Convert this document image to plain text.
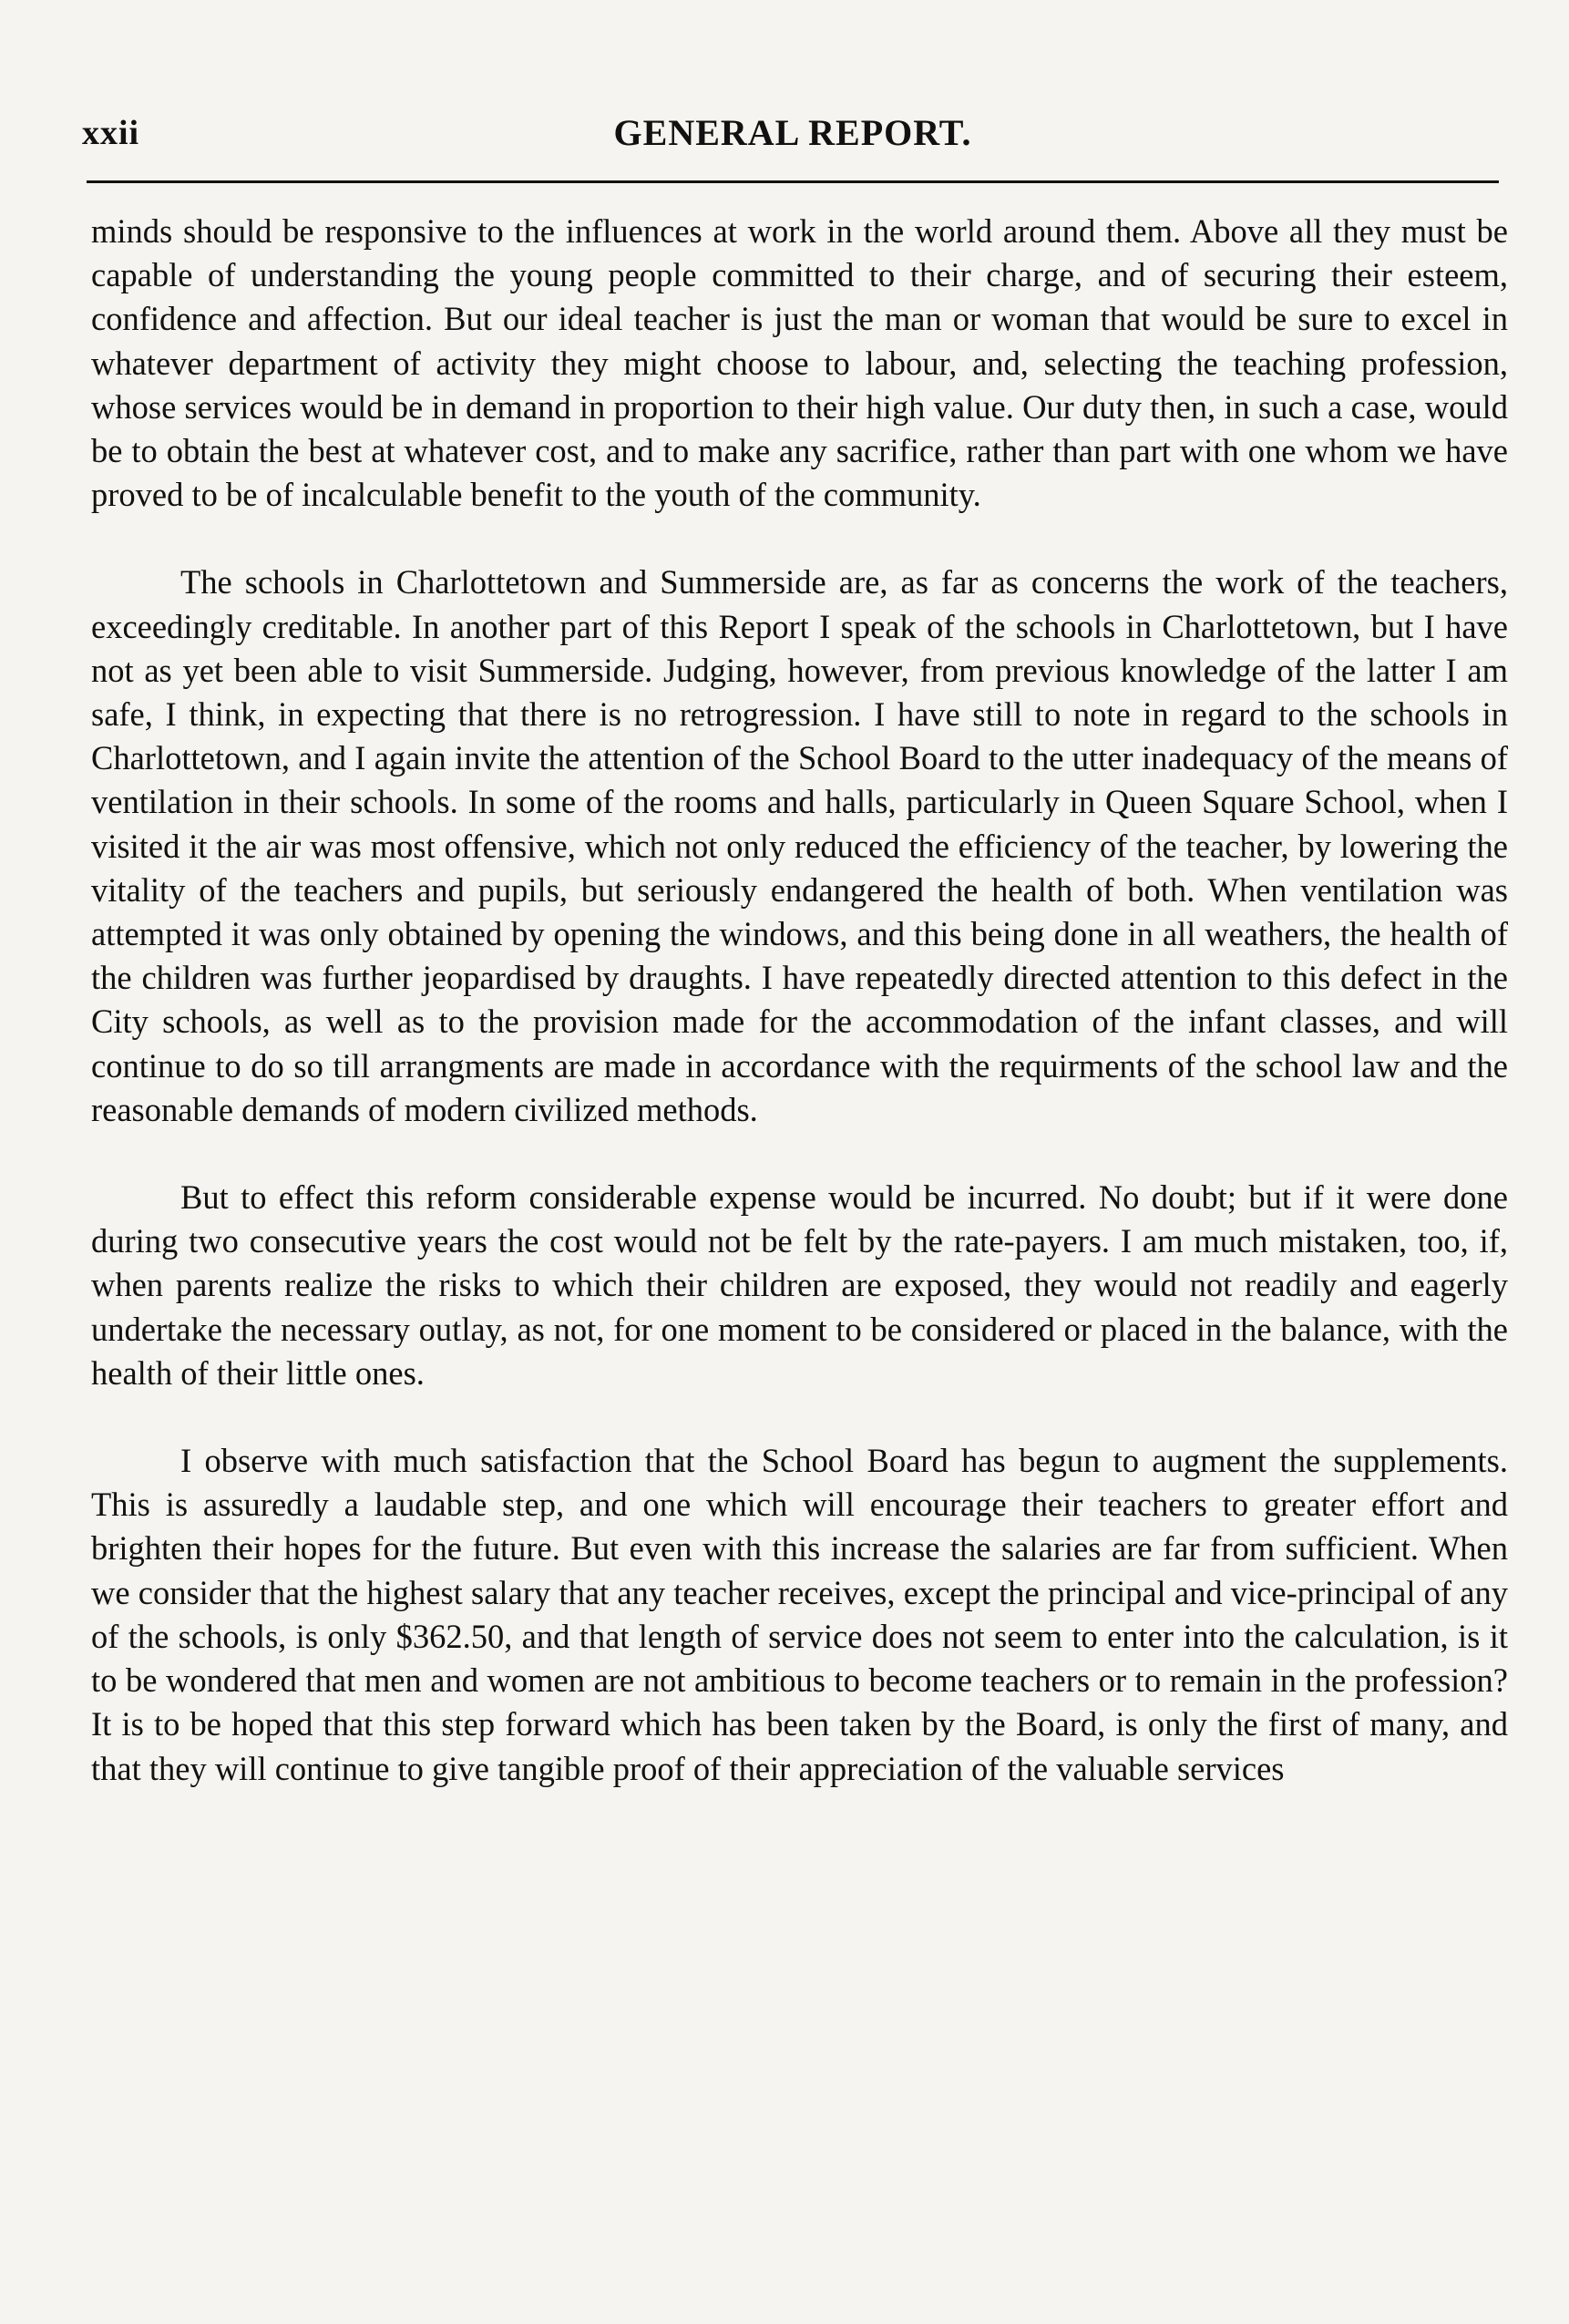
xxii	GENERAL REPORT.

minds should be responsive to the influences at work in the world around them. Above all they must be capable of understanding the young people committed to their charge, and of securing their esteem, confidence and affection. But our ideal teacher is just the man or woman that would be sure to excel in whatever department of activity they might choose to labour, and, selecting the teaching profession, whose services would be in demand in proportion to their high value. Our duty then, in such a case, would be to obtain the best at whatever cost, and to make any sacrifice, rather than part with one whom we have proved to be of incalculable benefit to the youth of the community.

The schools in Charlottetown and Summerside are, as far as concerns the work of the teachers, exceedingly creditable. In another part of this Report I speak of the schools in Charlottetown, but I have not as yet been able to visit Summerside. Judging, however, from previous knowledge of the latter I am safe, I think, in expecting that there is no retrogression. I have still to note in regard to the schools in Charlottetown, and I again invite the attention of the School Board to the utter inadequacy of the means of ventilation in their schools. In some of the rooms and halls, particularly in Queen Square School, when I visited it the air was most offensive, which not only reduced the efficiency of the teacher, by lowering the vitality of the teachers and pupils, but seriously endangered the health of both. When ventilation was attempted it was only obtained by opening the windows, and this being done in all weathers, the health of the children was further jeopardised by draughts. I have repeatedly directed attention to this defect in the City schools, as well as to the provision made for the accommodation of the infant classes, and will continue to do so till arrangments are made in accordance with the requirments of the school law and the reasonable demands of modern civilized methods.

But to effect this reform considerable expense would be incurred. No doubt; but if it were done during two consecutive years the cost would not be felt by the rate-payers. I am much mistaken, too, if, when parents realize the risks to which their children are exposed, they would not readily and eagerly undertake the necessary outlay, as not, for one moment to be considered or placed in the balance, with the health of their little ones.

I observe with much satisfaction that the School Board has begun to augment the supplements. This is assuredly a laudable step, and one which will encourage their teachers to greater effort and brighten their hopes for the future. But even with this increase the salaries are far from sufficient. When we consider that the highest salary that any teacher receives, except the principal and vice-principal of any of the schools, is only $362.50, and that length of service does not seem to enter into the calculation, is it to be wondered that men and women are not ambitious to become teachers or to remain in the profession? It is to be hoped that this step forward which has been taken by the Board, is only the first of many, and that they will continue to give tangible proof of their appreciation of the valuable services
